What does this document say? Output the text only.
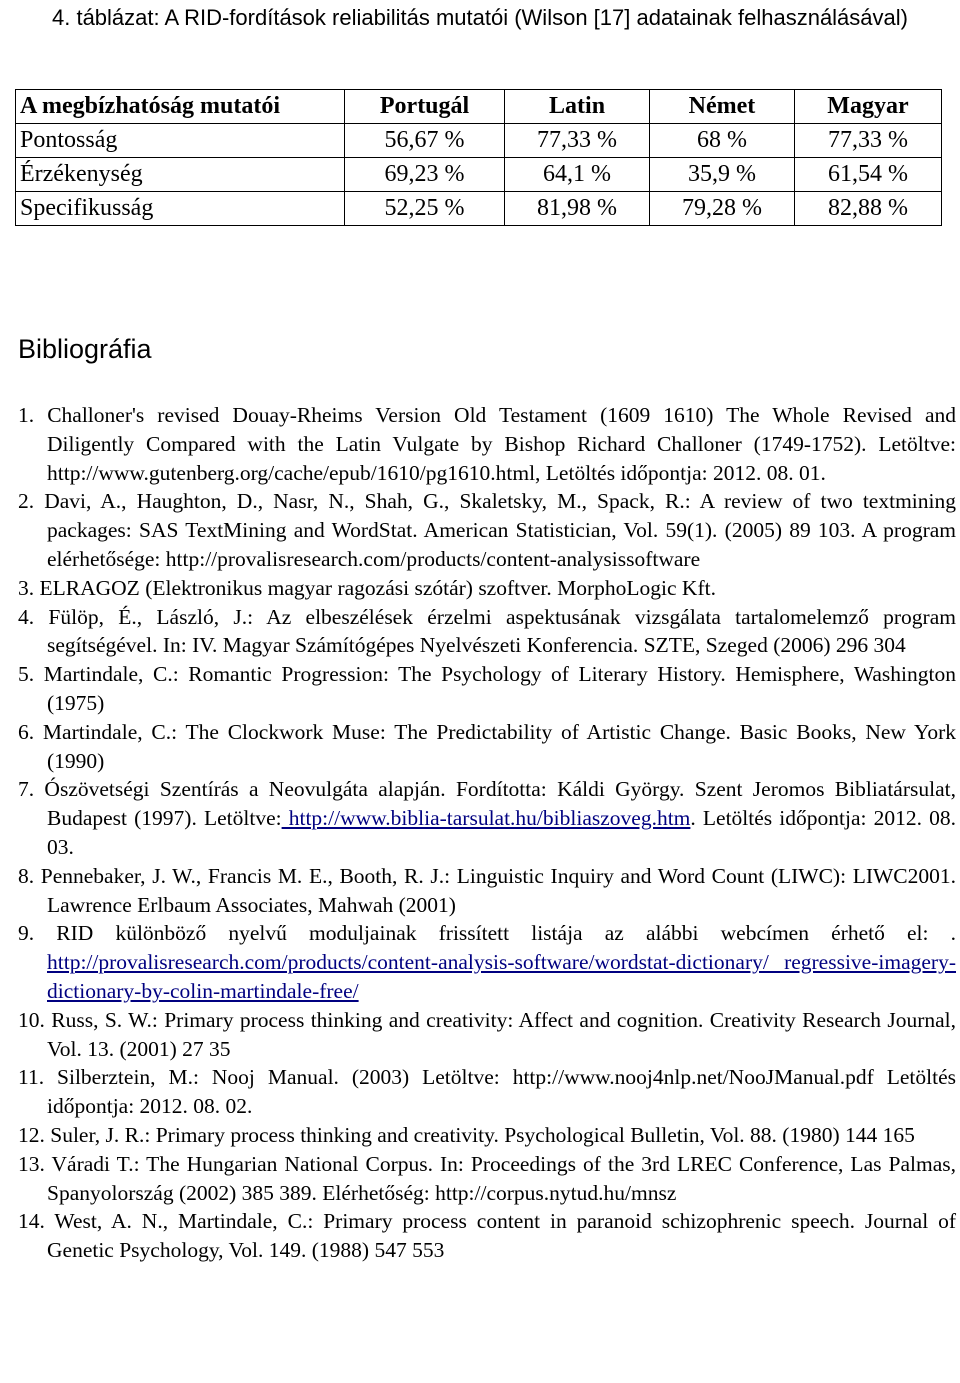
4. táblázat: A RID-fordítások reliabilitás mutatói (Wilson [17] adatainak felhasználásával)
A megbízhatóság mutatói	Portugál	Latin	Német	Magyar
Pontosság	56,67 %	77,33 %	68 %	77,33 %
Érzékenység	69,23 %	64,1 %	35,9 %	61,54 %
Specifikusság	52,25 %	81,98 %	79,28 %	82,88 %
Bibliográfia

1. Challoner's revised Douay-Rheims Version Old Testament (1609 1610) The Whole Revised and Diligently Compared with the Latin Vulgate by Bishop Richard Challoner (1749-1752). Letöltve: http://www.gutenberg.org/cache/epub/1610/pg1610.html, Letöltés időpontja: 2012. 08. 01.

2. Davi, A., Haughton, D., Nasr, N., Shah, G., Skaletsky, M., Spack, R.: A review of two textmining packages: SAS TextMining and WordStat. American Statistician, Vol. 59(1). (2005) 89 103. A program elérhetősége: http://provalisresearch.com/products/content-analysissoftware

3. ELRAGOZ (Elektronikus magyar ragozási szótár) szoftver. MorphoLogic Kft.

4. Fülöp, É., László, J.: Az elbeszélések érzelmi aspektusának vizsgálata tartalomelemző program segítségével. In: IV. Magyar Számítógépes Nyelvészeti Konferencia. SZTE, Szeged (2006) 296 304

5. Martindale, C.: Romantic Progression: The Psychology of Literary History. Hemisphere, Washington (1975)

6. Martindale, C.: The Clockwork Muse: The Predictability of Artistic Change. Basic Books, New York (1990)

7. Ószövetségi Szentírás a Neovulgáta alapján. Fordította: Káldi György. Szent Jeromos Bibliatársulat, Budapest (1997). Letöltve: http://www.biblia-tarsulat.hu/bibliaszoveg.htm. Letöltés időpontja: 2012. 08. 03.

8. Pennebaker, J. W., Francis M. E., Booth, R. J.: Linguistic Inquiry and Word Count (LIWC): LIWC2001. Lawrence Erlbaum Associates, Mahwah (2001)

9. RID különböző nyelvű moduljainak frissített listája az alábbi webcímen érhető el: . http://provalisresearch.com/products/content-analysis-software/wordstat-dictionary/ regressive-imagery-dictionary-by-colin-martindale-free/

10. Russ, S. W.: Primary process thinking and creativity: Affect and cognition. Creativity Research Journal, Vol. 13. (2001) 27 35

11. Silberztein, M.: Nooj Manual. (2003) Letöltve: http://www.nooj4nlp.net/NooJManual.pdf Letöltés időpontja: 2012. 08. 02.

12. Suler, J. R.: Primary process thinking and creativity. Psychological Bulletin, Vol. 88. (1980) 144 165

13. Váradi T.: The Hungarian National Corpus. In: Proceedings of the 3rd LREC Conference, Las Palmas, Spanyolország (2002) 385 389. Elérhetőség: http://corpus.nytud.hu/mnsz

14. West, A. N., Martindale, C.: Primary process content in paranoid schizophrenic speech. Journal of Genetic Psychology, Vol. 149. (1988) 547 553
